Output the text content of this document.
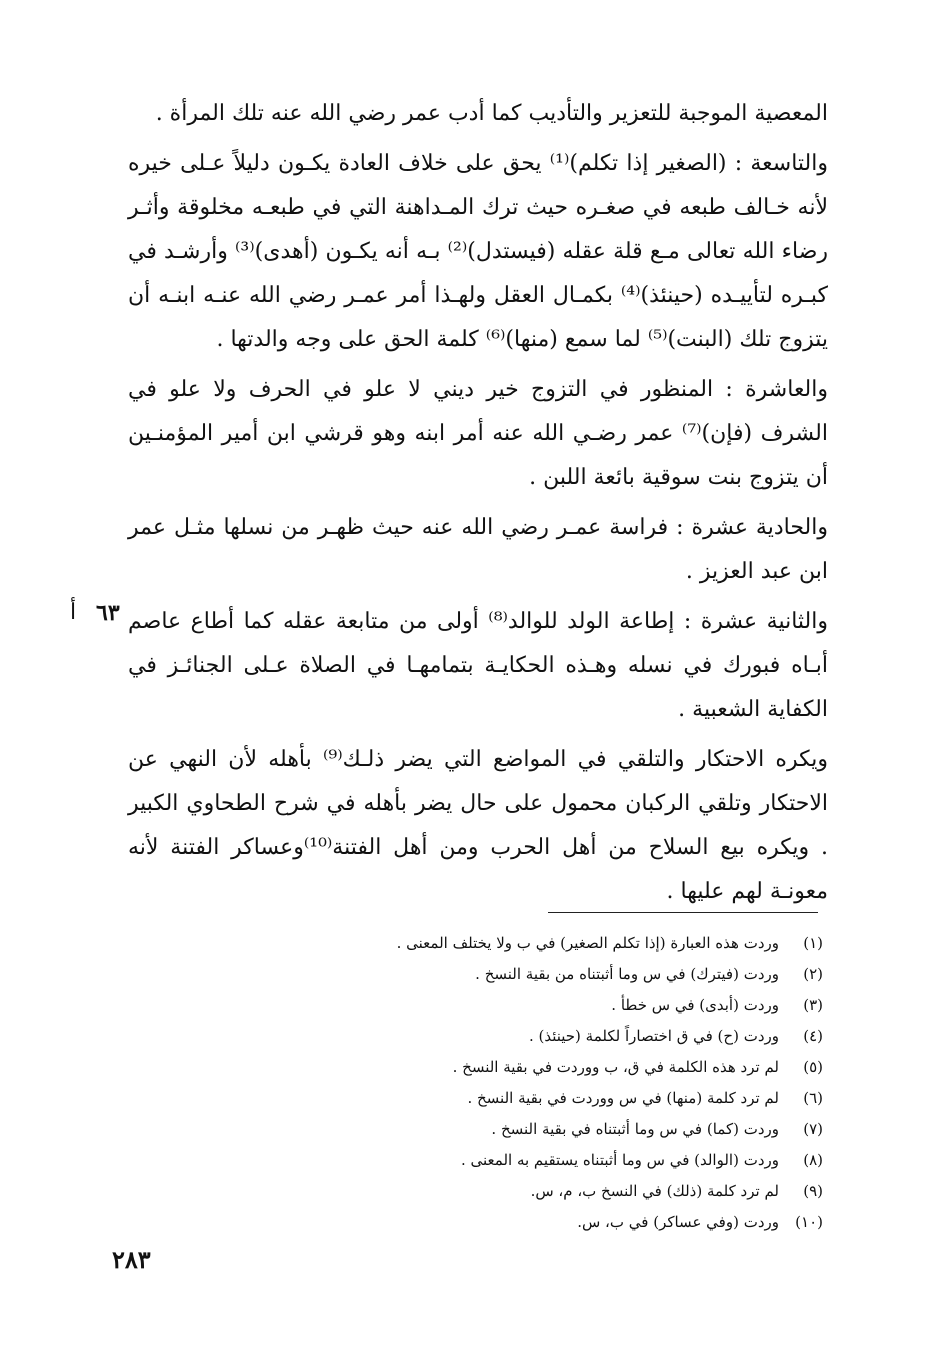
المعصية الموجبة للتعزير والتأديب كما أدب عمر رضي الله عنه تلك المرأة .

والتاسعة : (الصغير إذا تكلم)⁽¹⁾ يحق على خلاف العادة يكـون دليلاً عـلى خيره لأنه خـالف طبعه في صغـره حيث ترك المـداهنة التي في طبعـه مخلوقة وأثـر رضاء الله تعالى مـع قلة عقله (فيستدل)⁽²⁾ بـه أنه يكـون (أهدى)⁽³⁾ وأرشـد في كبـره لتأييـده (حينئذ)⁽⁴⁾ بكمـال العقل ولهـذا أمر عمـر رضي الله عنـه ابنـه أن يتزوج تلك (البنت)⁽⁵⁾ لما سمع (منها)⁽⁶⁾ كلمة الحق على وجه والدتها .

والعاشرة : المنظور في التزوج خير ديني لا علو في الحرف ولا علو في الشرف (فإن)⁽⁷⁾ عمر رضـي الله عنه أمر ابنه وهو قرشي ابن أمير المؤمنـين أن يتزوج بنت سوقية بائعة اللبن .

والحادية عشرة : فراسة عمـر رضي الله عنه حيث ظهـر من نسلها مثـل عمر ابن عبد العزيز .

والثانية عشرة : إطاعة الولد للوالد⁽⁸⁾ أولى من متابعة عقله كما أطاع عاصم أبـاه فبورك في نسله وهـذه الحكايـة بتمامهـا في الصلاة عـلى الجنائـز في الكفاية الشعبية .

ويكره الاحتكار والتلقي في المواضع التي يضر ذلـك⁽⁹⁾ بأهله لأن النهي عن الاحتكار وتلقي الركبان محمول على حال يضر بأهله في شرح الطحاوي الكبير . ويكره بيع السلاح من أهل الحرب ومن أهل الفتنة⁽¹⁰⁾وعساكر الفتنة لأنه معونـة لهم عليها .

أ ٦٣
(١)
وردت هذه العبارة (إذا تكلم الصغير) في ب ولا يختلف المعنى .
(٢)
وردت (فيترك) في س وما أثبتناه من بقية النسخ .
(٣)
وردت (أبدى) في س خطأ .
(٤)
وردت (ح) في ق اختصاراً لكلمة (حينئذ) .
(٥)
لم ترد هذه الكلمة في ق، ب ووردت في بقية النسخ .
(٦)
لم ترد كلمة (منها) في س ووردت في بقية النسخ .
(٧)
وردت (كما) في س وما أثبتناه في بقية النسخ .
(٨)
وردت (الوالد) في س وما أثبتناه يستقيم به المعنى .
(٩)
لم ترد كلمة (ذلك) في النسخ ب، م، س.
(١٠)
وردت (وفي عساكر) في ب، س.
٢٨٣
